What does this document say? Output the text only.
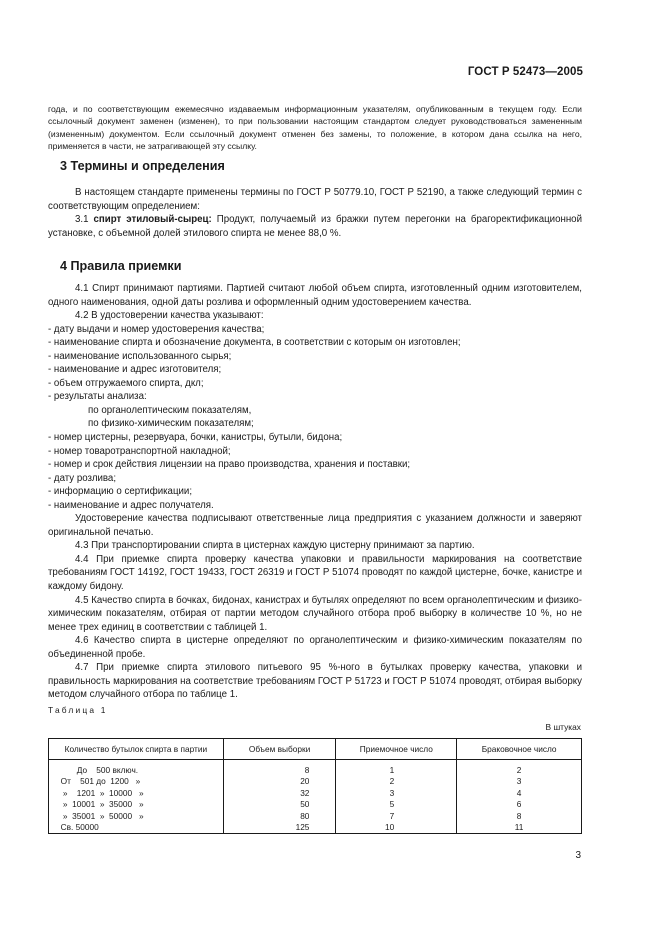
ГОСТ Р 52473—2005

года, и по соответствующим ежемесячно издаваемым информационным указателям, опубликованным в текущем году. Если ссылочный документ заменен (изменен), то при пользовании настоящим стандартом следует руководствоваться замененным (измененным) документом. Если ссылочный документ отменен без замены, то положение, в котором дана ссылка на него, применяется в части, не затрагивающей эту ссылку.

3 Термины и определения

В настоящем стандарте применены термины по ГОСТ Р 50779.10, ГОСТ Р 52190, а также следующий термин с соответствующим определением:

3.1 спирт этиловый-сырец: Продукт, получаемый из бражки путем перегонки на брагоректификационной установке, с объемной долей этилового спирта не менее 88,0 %.

4 Правила приемки

4.1 Спирт принимают партиями. Партией считают любой объем спирта, изготовленный одним изготовителем, одного наименования, одной даты розлива и оформленный одним удостоверением качества.

4.2 В удостоверении качества указывают:

- дату выдачи и номер удостоверения качества;

- наименование спирта и обозначение документа, в соответствии с которым он изготовлен;

- наименование использованного сырья;

- наименование и адрес изготовителя;

- объем отгружаемого спирта, дкл;

- результаты анализа:

по органолептическим показателям,

по физико-химическим показателям;

- номер цистерны, резервуара, бочки, канистры, бутыли, бидона;

- номер товаротранспортной накладной;

- номер и срок действия лицензии на право производства, хранения и поставки;

- дату розлива;

- информацию о сертификации;

- наименование и адрес получателя.

Удостоверение качества подписывают ответственные лица предприятия с указанием должности и заверяют оригинальной печатью.

4.3 При транспортировании спирта в цистернах каждую цистерну принимают за партию.

4.4 При приемке спирта проверку качества упаковки и правильности маркирования на соответствие требованиям ГОСТ 14192, ГОСТ 19433, ГОСТ 26319 и ГОСТ Р 51074 проводят по каждой цистерне, бочке, канистре и каждому бидону.

4.5 Качество спирта в бочках, бидонах, канистрах и бутылях определяют по всем органолептическим и физико-химическим показателям, отбирая от партии методом случайного отбора проб выборку в количестве 10 %, но не менее трех единиц в соответствии с таблицей 1.

4.6 Качество спирта в цистерне определяют по органолептическим и физико-химическим показателям по объединенной пробе.

4.7 При приемке спирта этилового питьевого 95 %-ного в бутылках проверку качества, упаковки и правильность маркирования на соответствие требованиям ГОСТ Р 51723 и ГОСТ Р 51074 проводят, отбирая выборку методом случайного отбора по таблице 1.

Таблица 1
В штуках
Количество бутылок спирта в партии	Объем выборки	Приемочное число	Браковочное число
До    500 включ.	8	1	2
От    501 до  1200   »	20	2	3
»    1201  »  10000   »	32	3	4
»  10001  »  35000   »	50	5	6
»  35001  »  50000   »	80	7	8
Св. 50000	125	10	11
3
